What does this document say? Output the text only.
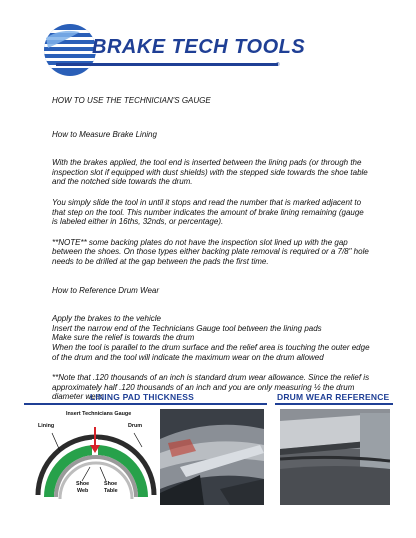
BRAKE TECH TOOLS
®

HOW TO USE THE TECHNICIAN'S GAUGE

How to Measure Brake Lining

With the brakes applied, the tool end is inserted between the lining pads (or through the inspection slot if equipped with dust shields) with the stepped side towards the shoe table and the notched side towards the drum.

You simply slide the tool in until it stops and read the number that is marked adjacent to that step on the tool. This number indicates the amount of brake lining remaining (gauge is labeled either in 16ths, 32nds, or percentage).

**NOTE** some backing plates do not have the inspection slot lined up with the gap between the shoes. On those types either backing plate removal is required or a 7/8" hole needs to be drilled at the gap between the pads the first time.

How to Reference Drum Wear

Apply the brakes to the vehicle

Insert the narrow end of the Technicians Gauge tool between the lining pads

Make sure the relief is towards the drum

When the tool is parallel to the drum surface and the relief area is touching the outer edge of the drum and the tool will indicate the maximum wear on the drum allowed

**Note that .120 thousands of an inch is standard drum wear allowance. Since the relief is approximately half .120 thousands of an inch and you are only measuring ½ the drum diameter wear.

LINING PAD THICKNESS	DRUM WEAR REFERENCE
Insert Technicians Gauge
Lining	Drum
Shoe
Web
Shoe
Table
